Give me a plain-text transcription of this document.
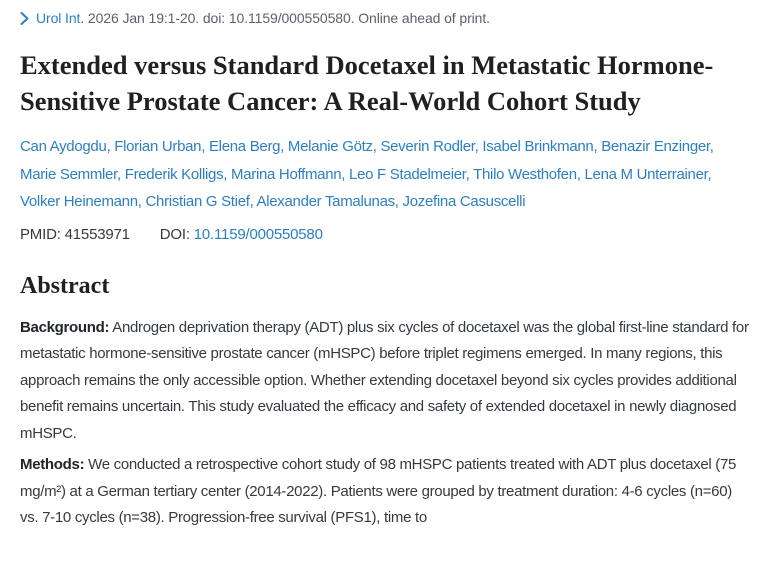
Urol Int. 2026 Jan 19:1-20. doi: 10.1159/000550580. Online ahead of print.
Extended versus Standard Docetaxel in Metastatic Hormone-Sensitive Prostate Cancer: A Real-World Cohort Study

Can Aydogdu, Florian Urban, Elena Berg, Melanie Götz, Severin Rodler, Isabel Brinkmann, Benazir Enzinger, Marie Semmler, Frederik Kolligs, Marina Hoffmann, Leo F Stadelmeier, Thilo Westhofen, Lena M Unterrainer, Volker Heinemann, Christian G Stief, Alexander Tamalunas, Jozefina Casuscelli

PMID: 41553971 DOI: 10.1159/000550580
Abstract

Background: Androgen deprivation therapy (ADT) plus six cycles of docetaxel was the global first-line standard for metastatic hormone-sensitive prostate cancer (mHSPC) before triplet regimens emerged. In many regions, this approach remains the only accessible option. Whether extending docetaxel beyond six cycles provides additional benefit remains uncertain. This study evaluated the efficacy and safety of extended docetaxel in newly diagnosed mHSPC.

Methods: We conducted a retrospective cohort study of 98 mHSPC patients treated with ADT plus docetaxel (75 mg/m²) at a German tertiary center (2014-2022). Patients were grouped by treatment duration: 4-6 cycles (n=60) vs. 7-10 cycles (n=38). Progression-free survival (PFS1), time to
